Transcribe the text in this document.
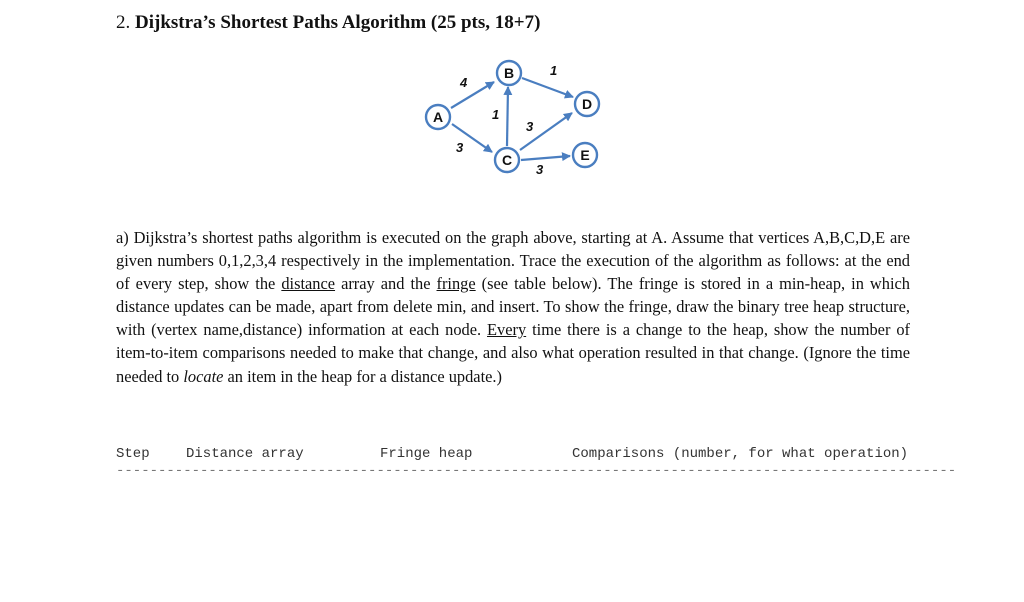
2. Dijkstra’s Shortest Paths Algorithm (25 pts, 18+7)
4
3
1
1
3
3
A
B
C
D
E
a) Dijkstra’s shortest paths algorithm is executed on the graph above, starting at A. Assume that vertices A,B,C,D,E are given numbers 0,1,2,3,4 respectively in the implementation. Trace the execution of the algorithm as follows: at the end of every step, show the distance array and the fringe (see table below). The fringe is stored in a min-heap, in which distance updates can be made, apart from delete min, and insert. To show the fringe, draw the binary tree heap structure, with (vertex name,distance) information at each node. Every time there is a change to the heap, show the number of item-to-item comparisons needed to make that change, and also what operation resulted in that change. (Ignore the time needed to locate an item in the heap for a distance update.)
Step	Distance array	Fringe heap	Comparisons (number, for what operation)
----------------------------------------------------------------------------------------------------
